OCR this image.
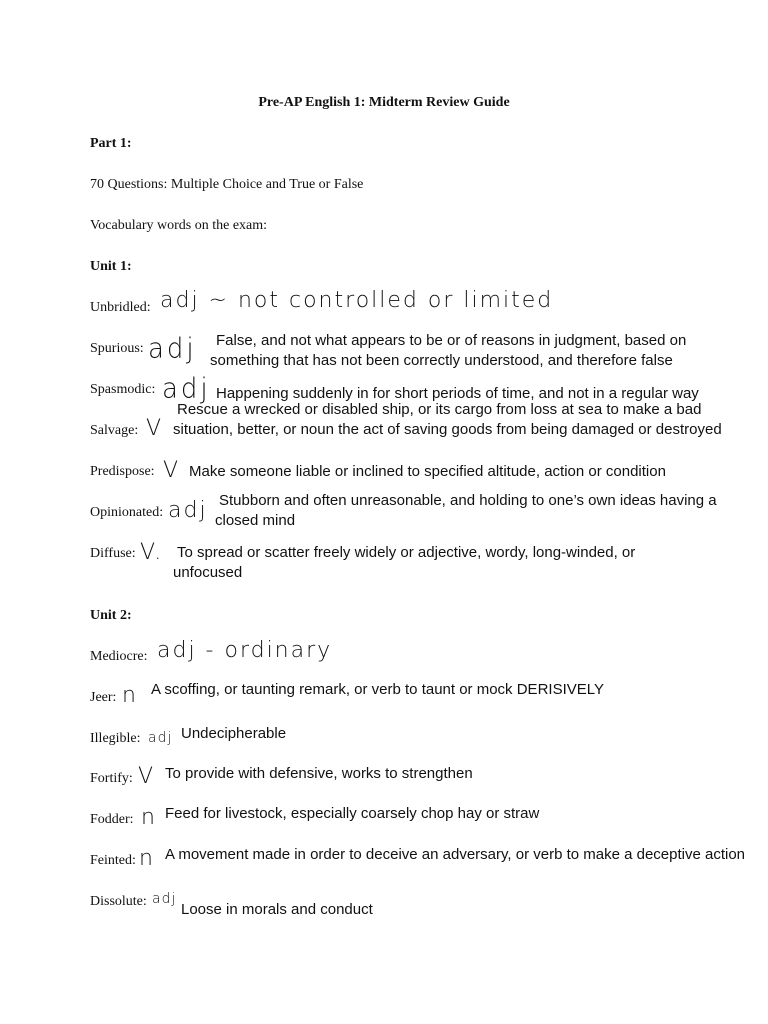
Pre-AP English 1: Midterm Review Guide
Part 1:
70 Questions: Multiple Choice and True or False
Vocabulary words on the exam:
Unit 1:
Unbridled: adj ~ not controlled or limited
Spurious: adj	False, and not what appears to be or of reasons in judgment, based on something that has not been correctly understood, and therefore false
Spasmodic: adj Happening suddenly in for short periods of time, and not in a regular way
Salvage: V
Rescue a wrecked or disabled ship, or its cargo from loss at sea to make a bad situation, better, or noun the act of saving goods from being damaged or destroyed
Predispose: V Make someone liable or inclined to specified altitude, action or condition
Opinionated: adj Stubborn and often unreasonable, and holding to one’s own ideas having a closed mind
Diffuse: V. To spread or scatter freely widely or adjective, wordy, long-winded, or unfocused
Unit 2:
Mediocre: adj - ordinary
Jeer: n A scoffing, or taunting remark, or verb to taunt or mock DERISIVELY
Illegible: adj Undecipherable
Fortify: V To provide with defensive, works to strengthen
Fodder: n Feed for livestock, especially coarsely chop hay or straw
Feinted: n A movement made in order to deceive an adversary, or verb to make a deceptive action
Dissolute: adj
Loose in morals and conduct
